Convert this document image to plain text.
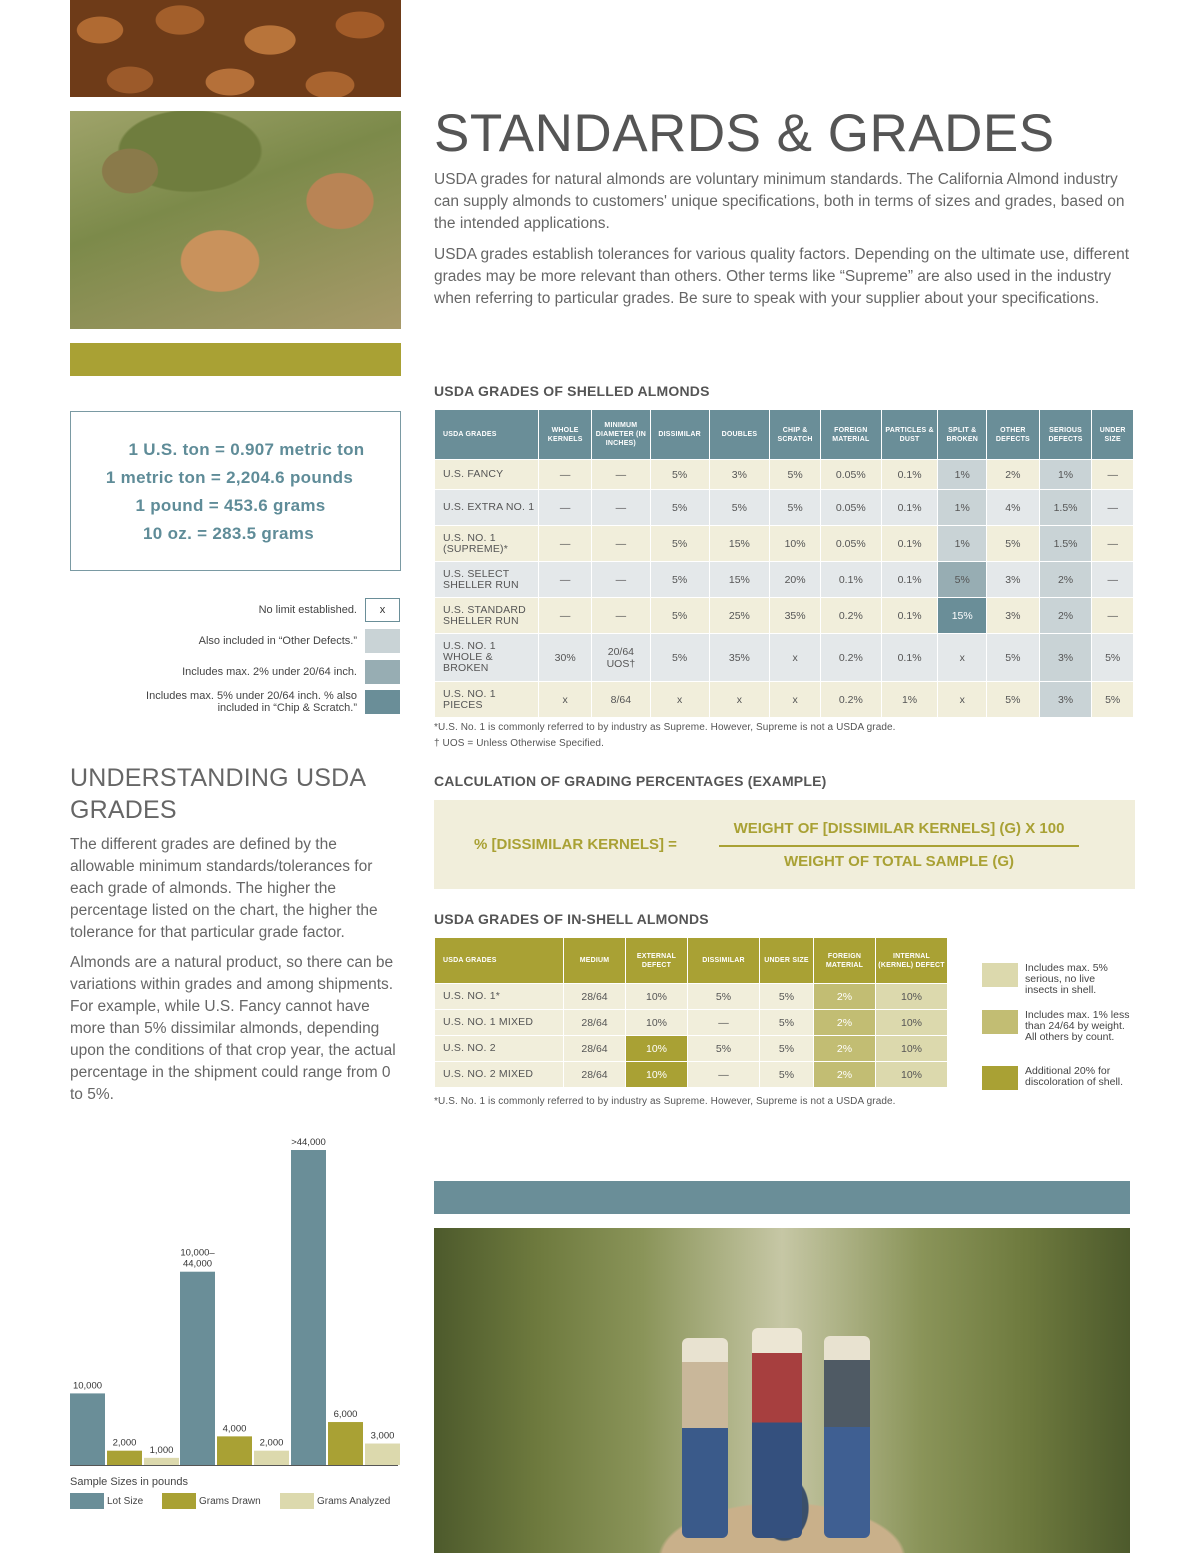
1 U.S. ton = 0.907 metric ton
1 metric ton = 2,204.6 pounds
1 pound = 453.6 grams
10 oz. = 283.5 grams
No limit established.	x
Also included in “Other Defects.”
Includes max. 2% under 20/64 inch.
Includes max. 5% under 20/64 inch. % also included in “Chip & Scratch.”
UNDERSTANDING USDA GRADES
The different grades are defined by the allowable minimum standards/tolerances for each grade of almonds. The higher the percentage listed on the chart, the higher the tolerance for that particular grade factor.
Almonds are a natural product, so there can be variations within grades and among shipments. For example, while U.S. Fancy cannot have more than 5% dissimilar almonds, depending upon the conditions of that crop year, the actual percentage in the shipment could range from 0 to 5%.
10,000
10,000–
44,000
>44,000
2,000
4,000
6,000
1,000
2,000
3,000
Sample Sizes in pounds
Lot Size	Grams Drawn	Grams Analyzed
STANDARDS & GRADES
USDA grades for natural almonds are voluntary minimum standards. The California Almond industry can supply almonds to customers' unique specifications, both in terms of sizes and grades, based on the intended applications.
USDA grades establish tolerances for various quality factors. Depending on the ultimate use, different grades may be more relevant than others. Other terms like “Supreme” are also used in the industry when referring to particular grades. Be sure to speak with your supplier about your specifications.
USDA GRADES OF SHELLED ALMONDS
USDA GRADES	WHOLE KERNELS	MINIMUM DIAMETER (IN INCHES)	DISSIMILAR	DOUBLES	CHIP & SCRATCH	FOREIGN MATERIAL	PARTICLES & DUST	SPLIT & BROKEN	OTHER DEFECTS	SERIOUS DEFECTS	UNDER SIZE
U.S. FANCY	—	—	5%	3%	5%	0.05%	0.1%	1%	2%	1%	—
U.S. EXTRA NO. 1	—	—	5%	5%	5%	0.05%	0.1%	1%	4%	1.5%	—
U.S. NO. 1 (SUPREME)*	—	—	5%	15%	10%	0.05%	0.1%	1%	5%	1.5%	—
U.S. SELECT SHELLER RUN	—	—	5%	15%	20%	0.1%	0.1%	5%	3%	2%	—
U.S. STANDARD SHELLER RUN	—	—	5%	25%	35%	0.2%	0.1%	15%	3%	2%	—
U.S. NO. 1 WHOLE & BROKEN	30%	20/64 UOS†	5%	35%	x	0.2%	0.1%	x	5%	3%	5%
U.S. NO. 1 PIECES	x	8/64	x	x	x	0.2%	1%	x	5%	3%	5%
*U.S. No. 1 is commonly referred to by industry as Supreme. However, Supreme is not a USDA grade.
† UOS = Unless Otherwise Specified.
CALCULATION OF GRADING PERCENTAGES (EXAMPLE)
% [DISSIMILAR KERNELS] =
WEIGHT OF [DISSIMILAR KERNELS] (G) X 100
WEIGHT OF TOTAL SAMPLE (G)
USDA GRADES OF IN-SHELL ALMONDS
USDA GRADES	MEDIUM	EXTERNAL DEFECT	DISSIMILAR	UNDER SIZE	FOREIGN MATERIAL	INTERNAL (KERNEL) DEFECT
U.S. NO. 1*	28/64	10%	5%	5%	2%	10%
U.S. NO. 1 MIXED	28/64	10%	—	5%	2%	10%
U.S. NO. 2	28/64	10%	5%	5%	2%	10%
U.S. NO. 2 MIXED	28/64	10%	—	5%	2%	10%
*U.S. No. 1 is commonly referred to by industry as Supreme. However, Supreme is not a USDA grade.
Includes max. 5% serious, no live insects in shell.
Includes max. 1% less than 24/64 by weight. All others by count.
Additional 20% for discoloration of shell.
